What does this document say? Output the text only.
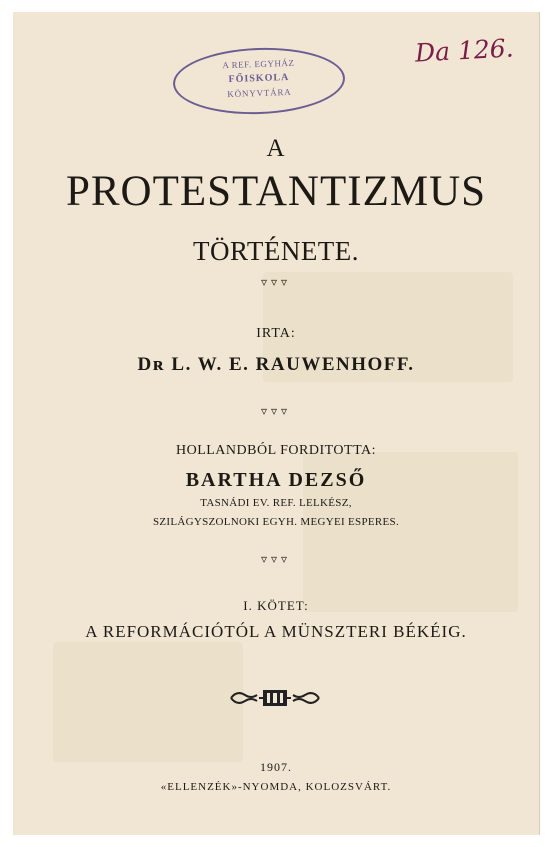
A REF. EGYHÁZ
FŐISKOLA
KÖNYVTÁRA
Da 126.
A
PROTESTANTIZMUS
TÖRTÉNETE.
▿▿▿
IRTA:
Dʀ L. W. E. RAUWENHOFF.
▿▿▿
HOLLANDBÓL FORDITOTTA:
BARTHA DEZSŐ
TASNÁDI EV. REF. LELKÉSZ,
SZILÁGYSZOLNOKI EGYH. MEGYEI ESPERES.
▿▿▿
I. KÖTET:
A REFORMÁCIÓTÓL A MÜNSZTERI BÉKÉIG.
1907.
«ELLENZÉK»-NYOMDA, KOLOZSVÁRT.
